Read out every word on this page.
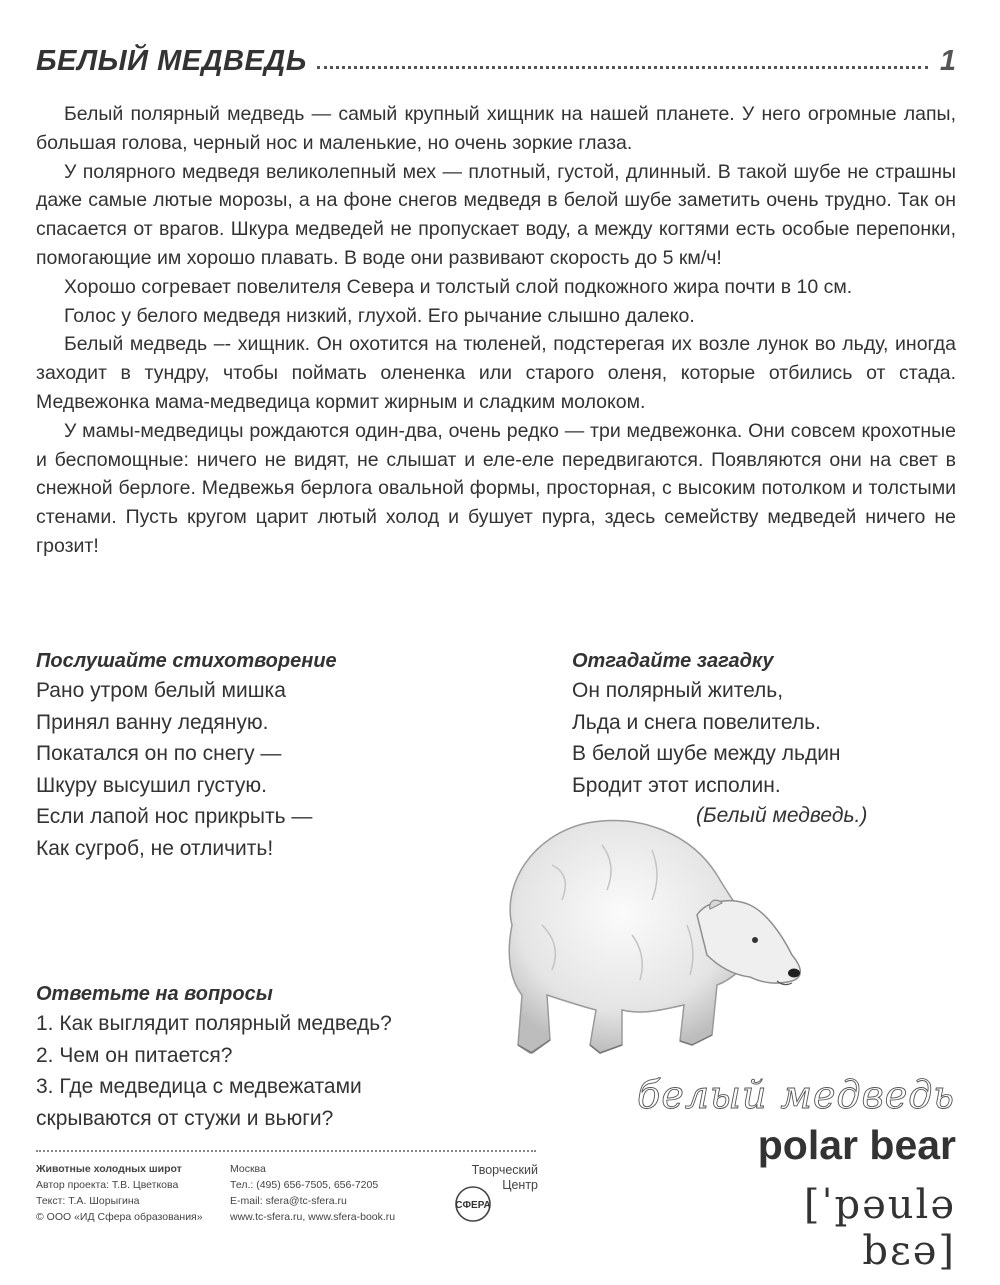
БЕЛЫЙ МЕДВЕДЬ	1

Белый полярный медведь — самый крупный хищник на нашей планете. У него огромные лапы, большая голова, черный нос и маленькие, но очень зоркие глаза.

У полярного медведя великолепный мех — плотный, густой, длинный. В такой шубе не страшны даже самые лютые морозы, а на фоне снегов медведя в белой шубе заметить очень трудно. Так он спасается от врагов. Шкура медведей не пропускает воду, а между когтями есть особые перепонки, помогающие им хорошо плавать. В воде они развивают скорость до 5 км/ч!

Хорошо согревает повелителя Севера и толстый слой подкожного жира почти в 10 см.

Голос у белого медведя низкий, глухой. Его рычание слышно далеко.

Белый медведь –- хищник. Он охотится на тюленей, подстерегая их возле лунок во льду, иногда заходит в тундру, чтобы поймать олененка или старого оленя, которые отбились от стада. Медвежонка мама-медведица кормит жирным и сладким молоком.

У мамы-медведицы рождаются один-два, очень редко — три медвежонка. Они совсем крохотные и беспомощные: ничего не видят, не слышат и еле-еле передвигаются. Появляются они на свет в снежной берлоге. Медвежья берлога овальной формы, просторная, с высоким потолком и толстыми стенами. Пусть кругом царит лютый холод и бушует пурга, здесь семейству медведей ничего не грозит!

Послушайте стихотворение
Рано утром белый мишка
Принял ванну ледяную.
Покатался он по снегу —
Шкуру высушил густую.
Если лапой нос прикрыть —
Как сугроб, не отличить!
Отгадайте загадку
Он полярный житель,
Льда и снега повелитель.
В белой шубе между льдин
Бродит этот исполин.
(Белый медведь.)
Ответьте на вопросы
1. Как выглядит полярный медведь?
2. Чем он питается?
3. Где медведица с медвежатами
скрываются от стужи и вьюги?
белый медведь
polar bear
[ˈpəulə bɛə]
Животные холодных широт
Автор проекта: Т.В. Цветкова
Текст: Т.А. Шорыгина
© ООО «ИД Сфера образования»
Москва
Тел.: (495) 656-7505, 656-7205
E-mail: sfera@tc-sfera.ru
www.tc-sfera.ru, www.sfera-book.ru
Творческий
Центр
СФЕРА
